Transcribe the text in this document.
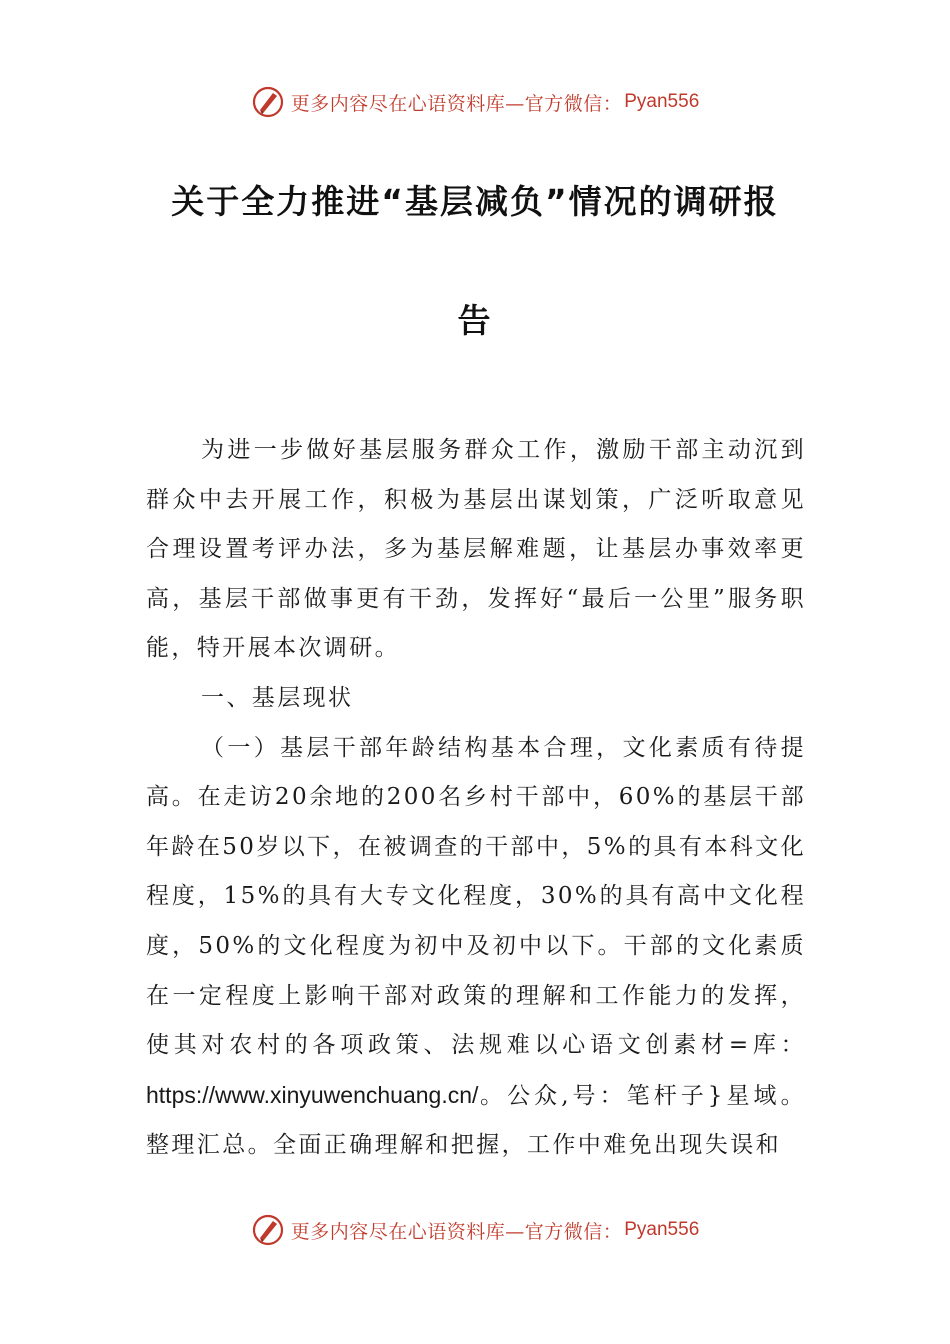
更多内容尽在心语资料库—官方微信： Pyan556
关于全力推进“基层减负”情况的调研报
告

为进一步做好基层服务群众工作，激励干部主动沉到群众中去开展工作，积极为基层出谋划策，广泛听取意见合理设置考评办法，多为基层解难题，让基层办事效率更高，基层干部做事更有干劲，发挥好“最后一公里”服务职能，特开展本次调研。

一、基层现状

（一）基层干部年龄结构基本合理，文化素质有待提高。在走访20余地的200名乡村干部中，60%的基层干部年龄在50岁以下，在被调查的干部中，5%的具有本科文化程度，15%的具有大专文化程度，30%的具有高中文化程度，50%的文化程度为初中及初中以下。干部的文化素质在一定程度上影响干部对政策的理解和工作能力的发挥，使其对农村的各项政策、法规难以心语文创素材=库：https://www.xinyuwenchuang.cn/。公众,号：笔杆子}星域。整理汇总。全面正确理解和把握，工作中难免出现失误和

更多内容尽在心语资料库—官方微信： Pyan556
